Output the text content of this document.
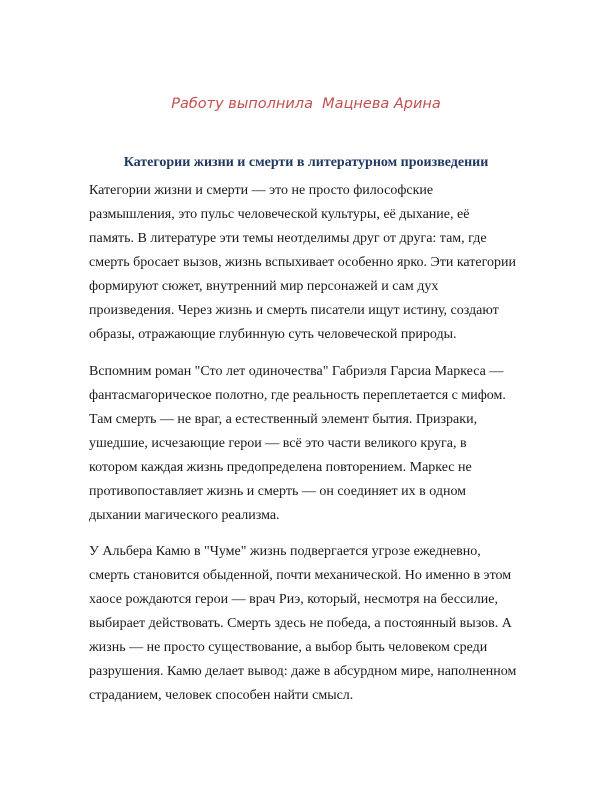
Работу выполнила  Мацнева Арина
Категории жизни и смерти в литературном произведении
Категории жизни и смерти — это не просто философские
размышления, это пульс человеческой культуры, её дыхание, её
память. В литературе эти темы неотделимы друг от друга: там, где
смерть бросает вызов, жизнь вспыхивает особенно ярко. Эти категории
формируют сюжет, внутренний мир персонажей и сам дух
произведения. Через жизнь и смерть писатели ищут истину, создают
образы, отражающие глубинную суть человеческой природы.
Вспомним роман "Сто лет одиночества" Габриэля Гарсиа Маркеса —
фантасмагорическое полотно, где реальность переплетается с мифом.
Там смерть — не враг, а естественный элемент бытия. Призраки,
ушедшие, исчезающие герои — всё это части великого круга, в
котором каждая жизнь предопределена повторением. Маркес не
противопоставляет жизнь и смерть — он соединяет их в одном
дыхании магического реализма.
У Альбера Камю в "Чуме" жизнь подвергается угрозе ежедневно,
смерть становится обыденной, почти механической. Но именно в этом
хаосе рождаются герои — врач Риэ, который, несмотря на бессилие,
выбирает действовать. Смерть здесь не победа, а постоянный вызов. А
жизнь — не просто существование, а выбор быть человеком среди
разрушения. Камю делает вывод: даже в абсурдном мире, наполненном
страданием, человек способен найти смысл.
